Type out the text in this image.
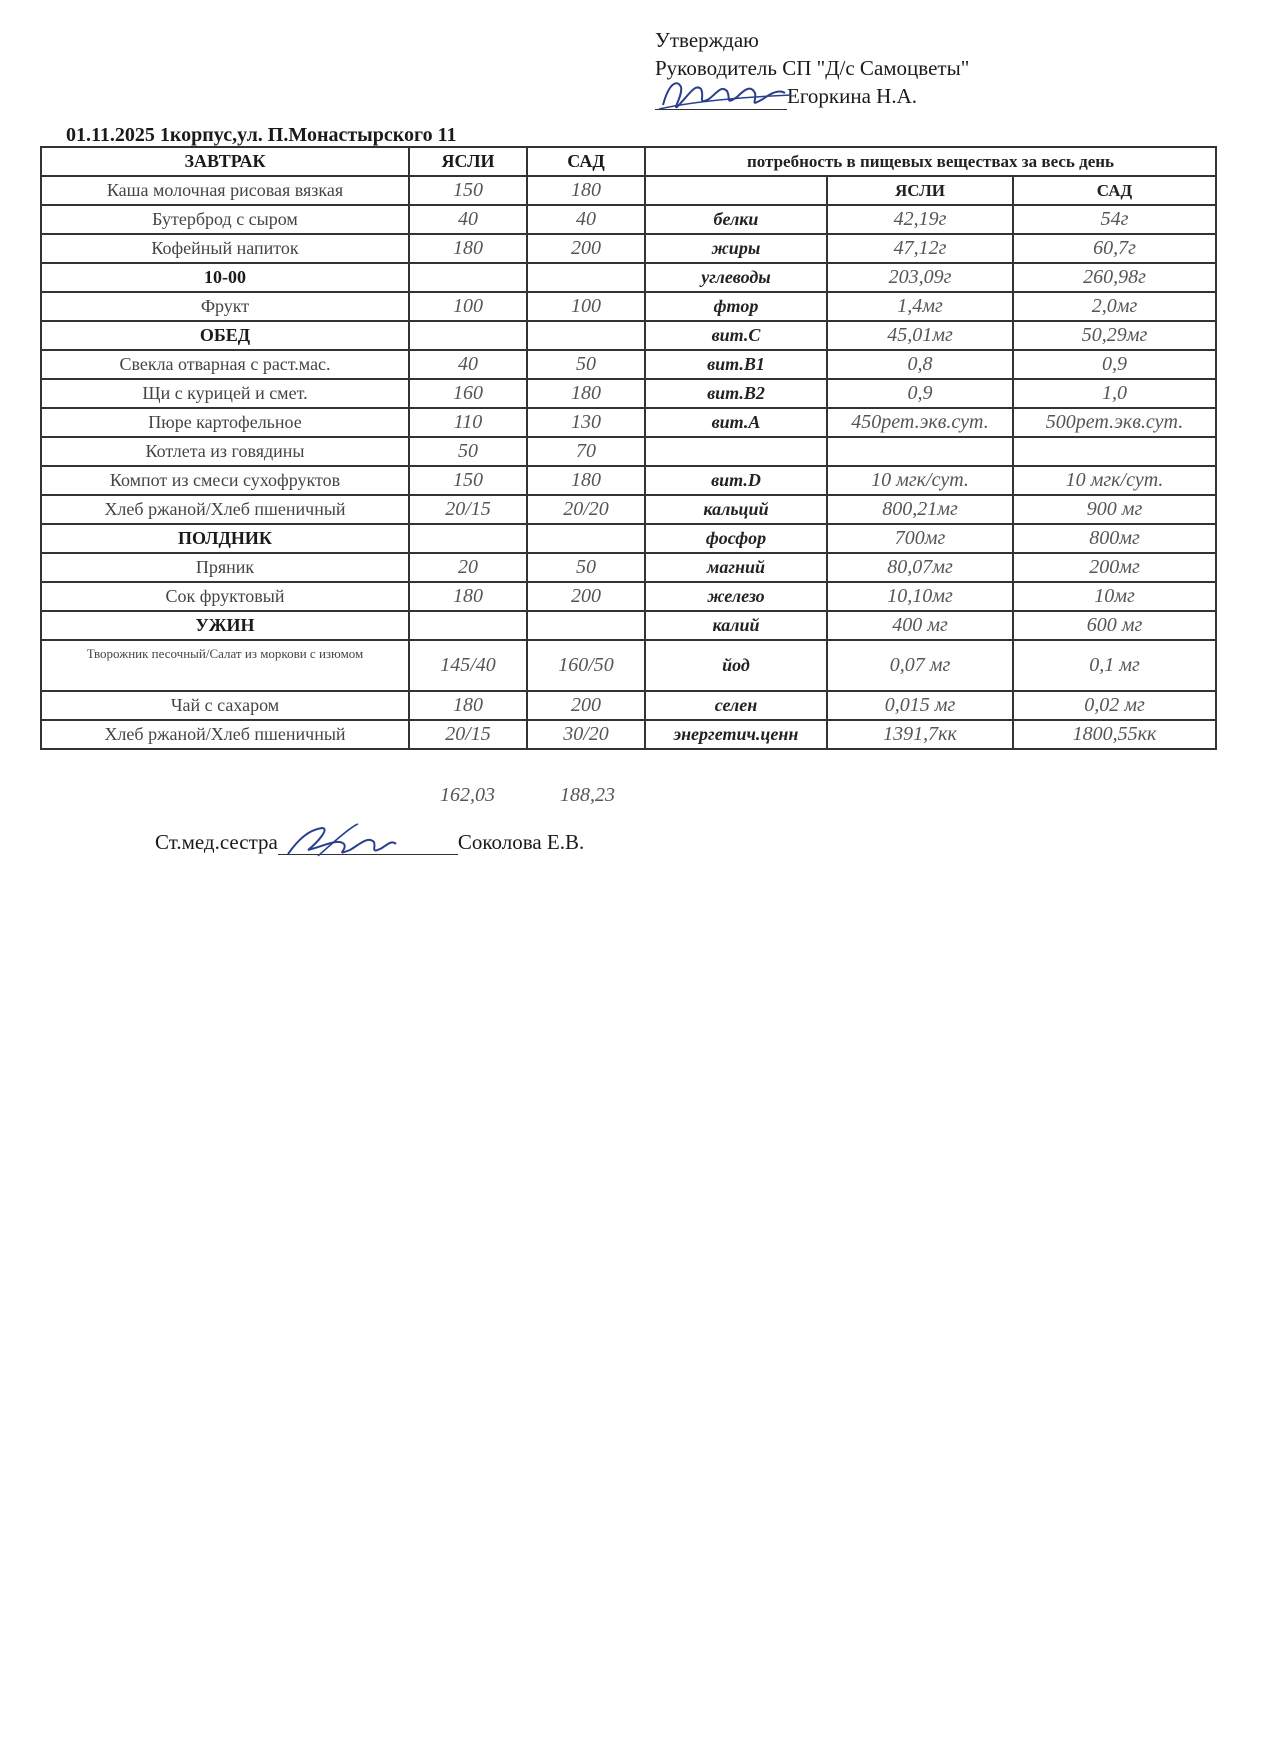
Утверждаю
Руководитель СП "Д/с Самоцветы"
Егоркина Н.А.
01.11.2025 1корпус,ул. П.Монастырского 11
ЗАВТРАК	ЯСЛИ	САД	потребность в пищевых веществах за весь день		
Каша молочная рисовая вязкая	150	180		ЯСЛИ	САД
Бутерброд с сыром	40	40	белки	42,19г	54г
Кофейный напиток	180	200	жиры	47,12г	60,7г
10-00			углеводы	203,09г	260,98г
Фрукт	100	100	фтор	1,4мг	2,0мг
ОБЕД			вит.С	45,01мг	50,29мг
Свекла отварная с раст.мас.	40	50	вит.В1	0,8	0,9
Щи с курицей и смет.	160	180	вит.В2	0,9	1,0
Пюре картофельное	110	130	вит.А	450рет.экв.сут.	500рет.экв.сут.
Котлета из говядины	50	70			
Компот из смеси сухофруктов	150	180	вит.D	10 мгк/сут.	10 мгк/сут.
Хлеб ржаной/Хлеб пшеничный	20/15	20/20	кальций	800,21мг	900 мг
ПОЛДНИК			фосфор	700мг	800мг
Пряник	20	50	магний	80,07мг	200мг
Сок фруктовый	180	200	железо	10,10мг	10мг
УЖИН			калий	400 мг	600 мг
Творожник песочный/Салат из моркови с изюмом	145/40	160/50	йод	0,07 мг	0,1 мг
Чай с сахаром	180	200	селен	0,015 мг	0,02 мг
Хлеб ржаной/Хлеб пшеничный	20/15	30/20	энергетич.ценн	1391,7кк	1800,55кк
162,03	188,23
Ст.мед.сестра	Соколова Е.В.
